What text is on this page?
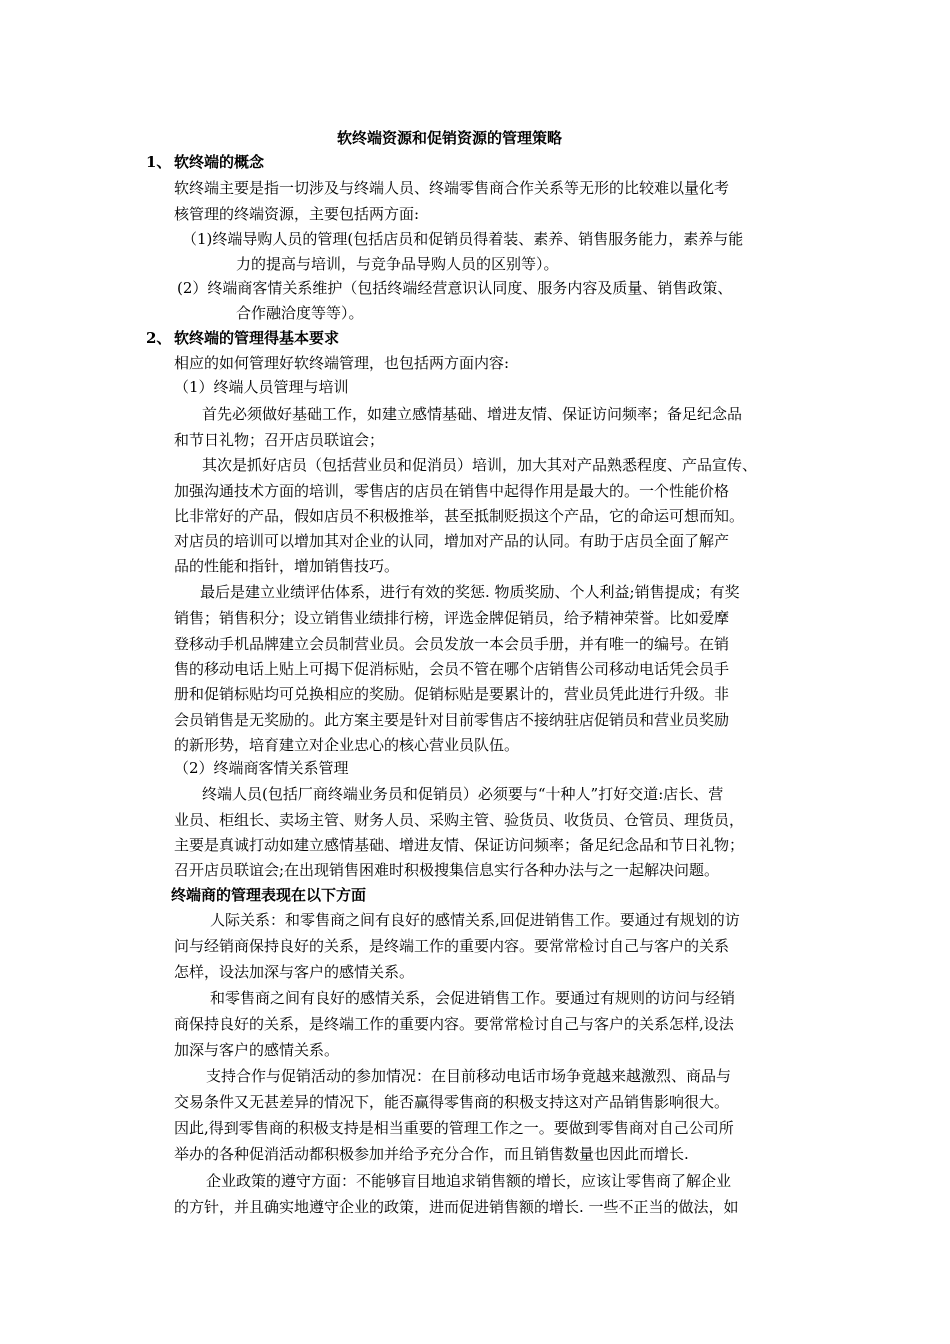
软终端资源和促销资源的管理策略
1、 软终端的概念
软终端主要是指一切涉及与终端人员、终端零售商合作关系等无形的比较难以量化考
核管理的终端资源，主要包括两方面:
（1)终端导购人员的管理(包括店员和促销员得着装、素养、销售服务能力，素养与能
力的提高与培训，与竞争品导购人员的区别等）。
(2）终端商客情关系维护（包括终端经营意识认同度、服务内容及质量、销售政策、
合作融洽度等等）。
2、 软终端的管理得基本要求
相应的如何管理好软终端管理，也包括两方面内容:
（1）终端人员管理与培训
首先必须做好基础工作，如建立感情基础、增进友情、保证访问频率；备足纪念品
和节日礼物；召开店员联谊会；
其次是抓好店员（包括营业员和促消员）培训，加大其对产品熟悉程度、产品宣传、
加强沟通技术方面的培训，零售店的店员在销售中起得作用是最大的。一个性能价格
比非常好的产品，假如店员不积极推举，甚至抵制贬损这个产品，它的命运可想而知。
对店员的培训可以增加其对企业的认同，增加对产品的认同。有助于店员全面了解产
品的性能和指针，增加销售技巧。
最后是建立业绩评估体系，进行有效的奖惩. 物质奖励、个人利益;销售提成；有奖
销售；销售积分；设立销售业绩排行榜，评选金牌促销员，给予精神荣誉。比如爱摩
登移动手机品牌建立会员制营业员。会员发放一本会员手册，并有唯一的编号。在销
售的移动电话上贴上可揭下促消标贴，会员不管在哪个店销售公司移动电话凭会员手
册和促销标贴均可兑换相应的奖励。促销标贴是要累计的，营业员凭此进行升级。非
会员销售是无奖励的。此方案主要是针对目前零售店不接纳驻店促销员和营业员奖励
的新形势，培育建立对企业忠心的核心营业员队伍。
（2）终端商客情关系管理
终端人员(包括厂商终端业务员和促销员）必须要与“十种人”打好交道:店长、营
业员、柜组长、卖场主管、财务人员、采购主管、验货员、收货员、仓管员、理货员，
主要是真诚打动如建立感情基础、增进友情、保证访问频率；备足纪念品和节日礼物；
召开店员联谊会;在出现销售困难时积极搜集信息实行各种办法与之一起解决问题。
终端商的管理表现在以下方面
人际关系：和零售商之间有良好的感情关系,回促进销售工作。要通过有规划的访
问与经销商保持良好的关系，是终端工作的重要内容。要常常检讨自己与客户的关系
怎样，设法加深与客户的感情关系。
和零售商之间有良好的感情关系，会促进销售工作。要通过有规则的访问与经销
商保持良好的关系，是终端工作的重要内容。要常常检讨自己与客户的关系怎样,设法
加深与客户的感情关系。
支持合作与促销活动的参加情况：在目前移动电话市场争竟越来越激烈、商品与
交易条件又无甚差异的情况下，能否赢得零售商的积极支持这对产品销售影响很大。
因此,得到零售商的积极支持是相当重要的管理工作之一。要做到零售商对自己公司所
举办的各种促消活动都积极参加并给予充分合作，而且销售数量也因此而增长.
企业政策的遵守方面：不能够盲目地追求销售额的增长，应该让零售商了解企业
的方针，并且确实地遵守企业的政策，进而促进销售额的增长. 一些不正当的做法，如
